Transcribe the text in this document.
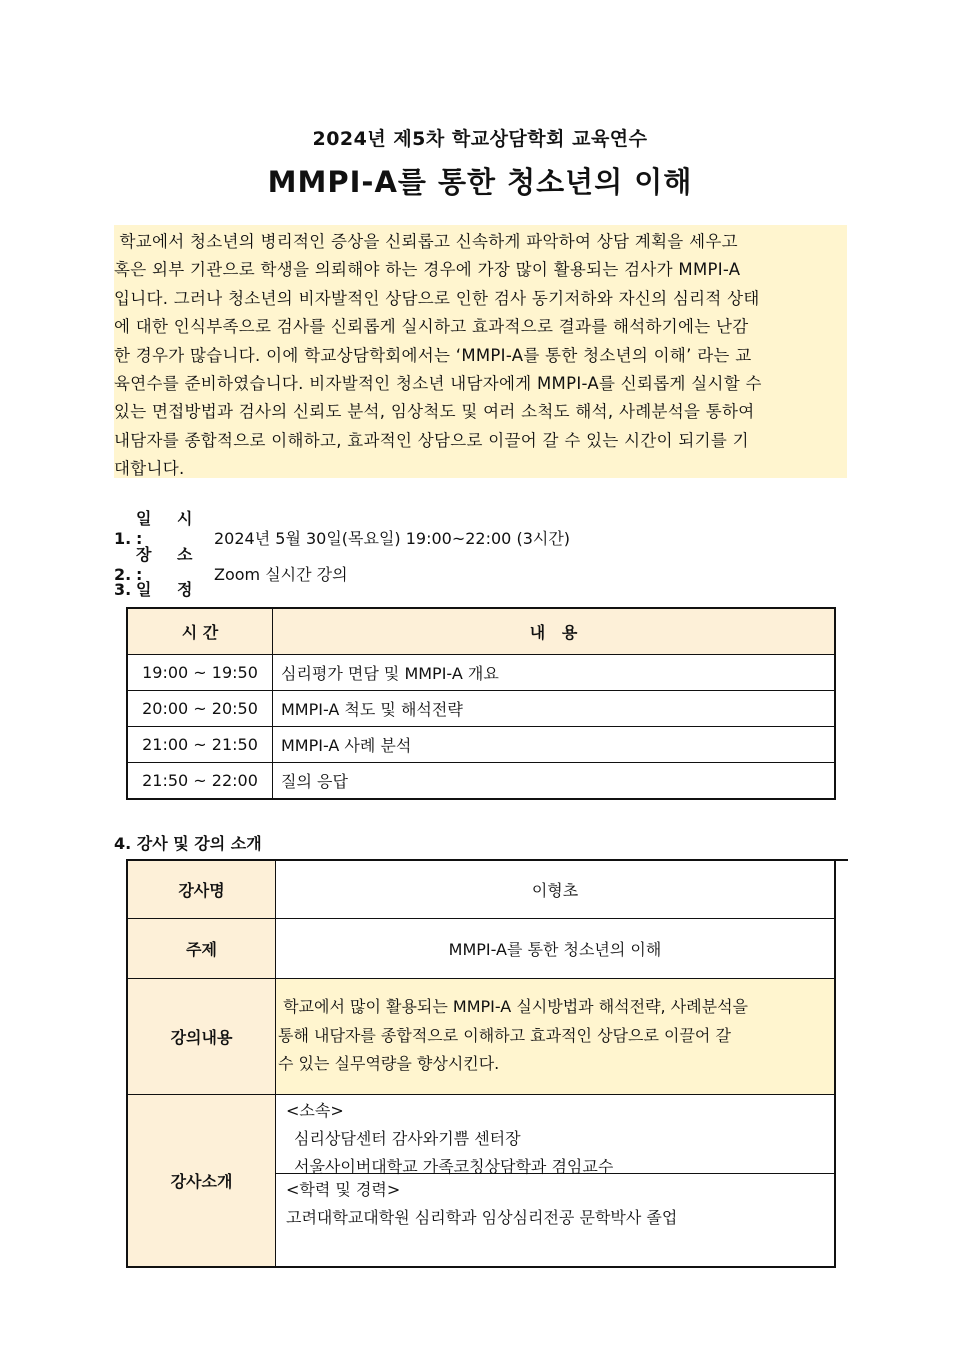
2024년 제5차 학교상담학회 교육연수
MMPI-A를 통한 청소년의 이해
학교에서 청소년의 병리적인 증상을 신뢰롭고 신속하게 파악하여 상담 계획을 세우고
혹은 외부 기관으로 학생을 의뢰해야 하는 경우에 가장 많이 활용되는 검사가 MMPI-A
입니다. 그러나 청소년의 비자발적인 상담으로 인한 검사 동기저하와 자신의 심리적 상태
에 대한 인식부족으로 검사를 신뢰롭게 실시하고 효과적으로 결과를 해석하기에는 난감
한 경우가 많습니다. 이에 학교상담학회에서는 ‘MMPI-A를 통한 청소년의 이해’ 라는 교
육연수를 준비하였습니다. 비자발적인 청소년 내담자에게 MMPI-A를 신뢰롭게 실시할 수
있는 면접방법과 검사의 신뢰도 분석, 임상척도 및 여러 소척도 해석, 사례분석을 통하여
내담자를 종합적으로 이해하고, 효과적인 상담으로 이끌어 갈 수 있는 시간이 되기를 기
대합니다.
1.일 시 :	2024년 5월 30일(목요일) 19:00~22:00 (3시간)
2.장 소 :	Zoom 실시간 강의
3. 일 정
시 간	내   용
19:00 ~ 19:50	심리평가 면담 및 MMPI-A 개요
20:00 ~ 20:50	MMPI-A 척도 및 해석전략
21:00 ~ 21:50	MMPI-A 사례 분석
21:50 ~ 22:00	질의 응답
4. 강사 및 강의 소개
강사명	이형초
주제	MMPI-A를 통한 청소년의 이해
강의내용	학교에서 많이 활용되는 MMPI-A 실시방법과 해석전략, 사례분석을
통해 내담자를 종합적으로 이해하고 효과적인 상담으로 이끌어 갈
수 있는 실무역량을 향상시킨다.

강사소개	<소속>
심리상담센터 감사와기쁨 센터장
서울사이버대학교 가족코칭상담학과 겸임교수
<학력 및 경력>
고려대학교대학원 심리학과 임상심리전공 문학박사 졸업
